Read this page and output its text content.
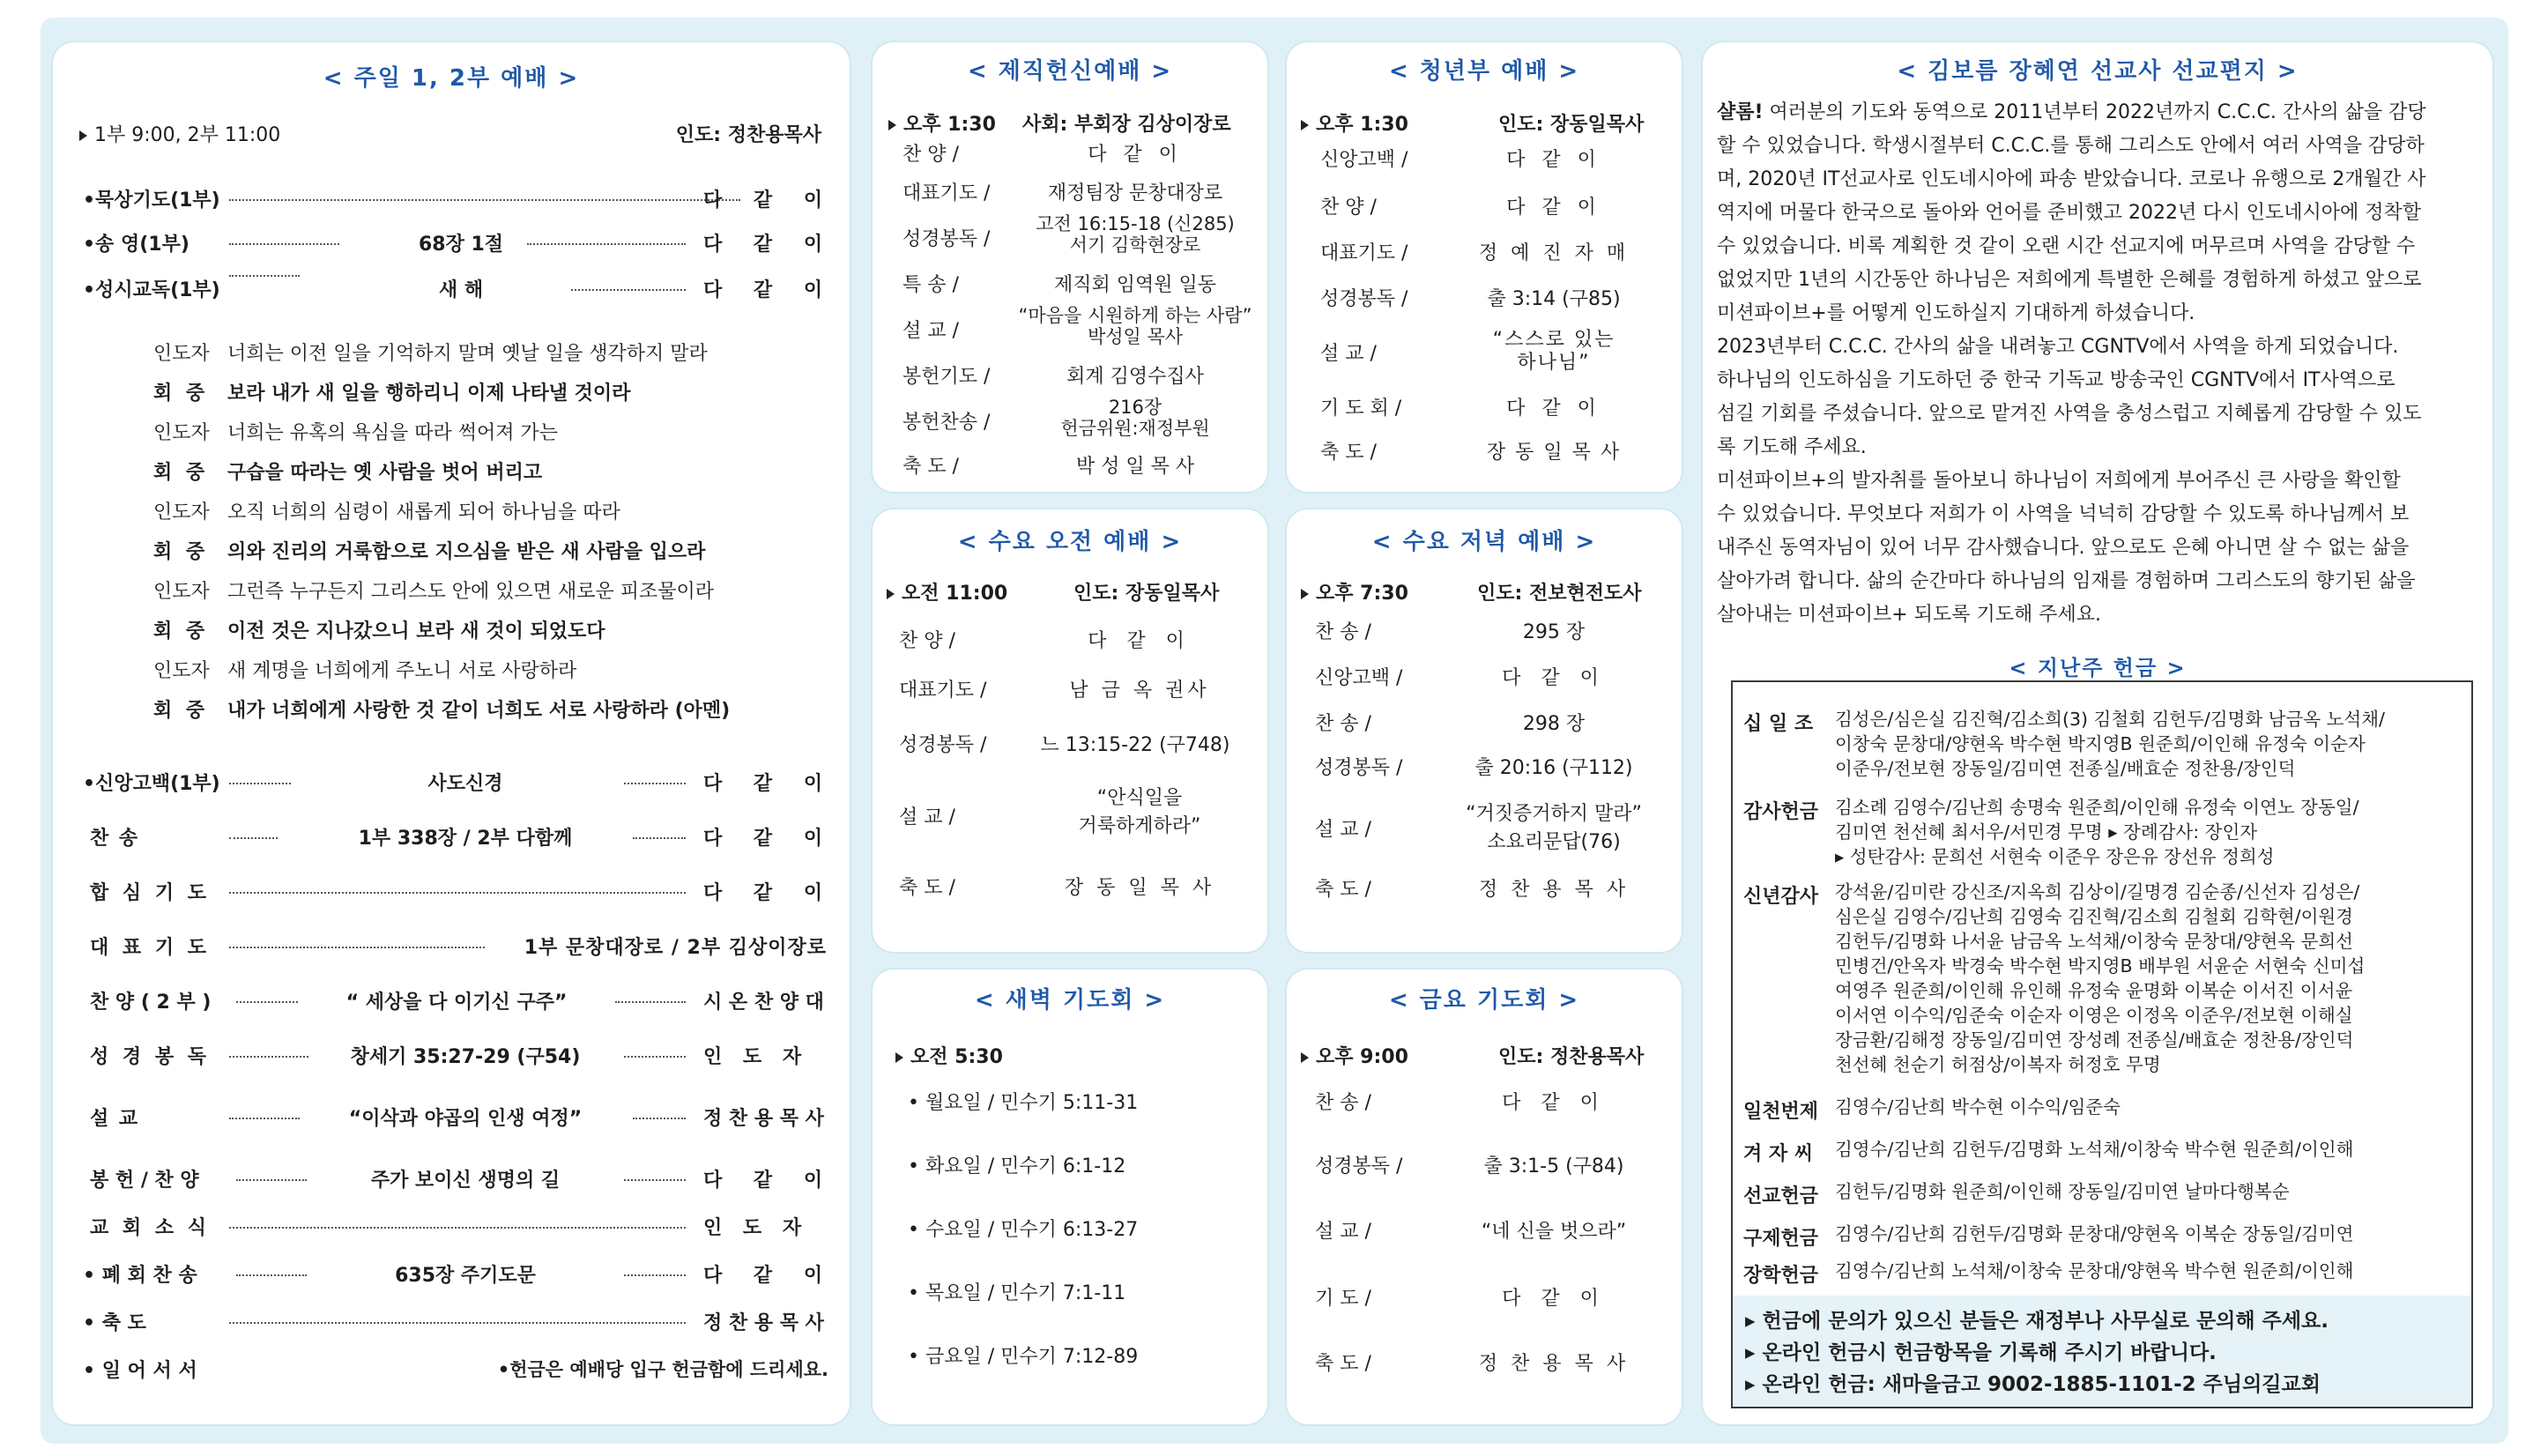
< 주일 1, 2부 예배 >
1부 9:00, 2부 11:00	인도: 정찬용목사
•묵상기도(1부)	다 같 이
•송 영(1부)	68장 1절	다 같 이
•성시교독(1부)	새 해	다 같 이
인도자 너희는 이전 일을 기억하지 말며 옛날 일을 생각하지 말라
회 중 보라 내가 새 일을 행하리니 이제 나타낼 것이라
인도자 너희는 유혹의 욕심을 따라 썩어져 가는
회 중 구습을 따라는 옛 사람을 벗어 버리고
인도자 오직 너희의 심령이 새롭게 되어 하나님을 따라
회 중 의와 진리의 거룩함으로 지으심을 받은 새 사람을 입으라
인도자 그런즉 누구든지 그리스도 안에 있으면 새로운 피조물이라
회 중 이전 것은 지나갔으니 보라 새 것이 되었도다
인도자 새 계명을 너희에게 주노니 서로 사랑하라
회 중 내가 너희에게 사랑한 것 같이 너희도 서로 사랑하라 (아멘)
•신앙고백(1부)	사도신경	다 같 이
찬 송	1부 338장 / 2부 다함께	다 같 이
합 심 기 도	다 같 이
대 표 기 도	1부 문창대장로 / 2부 김상이장로
찬 양 ( 2 부 )	“ 세상을 다 이기신 구주”	시 온 찬 양 대
성 경 봉 독	창세기 35:27-29 (구54)	인 도 자
설 교	“이삭과 야곱의 인생 여정”	정 찬 용 목 사
봉 헌 / 찬 양	주가 보이신 생명의 길	다 같 이
교 회 소 식	인 도 자
• 폐 회 찬 송	635장 주기도문	다 같 이
• 축 도	정 찬 용 목 사
• 일 어 서 서	•헌금은 예배당 입구 헌금함에 드리세요.
< 제직헌신예배 >
오후 1:30 사회: 부회장 김상이장로
찬 양 /	다 같 이
대표기도 /	재정팀장 문창대장로
성경봉독 /
고전 16:15-18 (신285)
서기 김학현장로
특 송 /	제직회 임역원 일동
설 교 /
“마음을 시원하게 하는 사람”
박성일 목사
봉헌기도 /	회계 김영수집사
봉헌찬송 /
216장
헌금위원:재정부원
축 도 /	박 성 일 목 사
< 청년부 예배 >
오후 1:30	인도: 장동일목사
신앙고백 /	다 같 이
찬 양 /	다 같 이
대표기도 /	정 예 진 자 매
성경봉독 /	출 3:14 (구85)
설 교 /
“스스로 있는
하나님”
기 도 회 /	다 같 이
축 도 /	장 동 일 목 사
< 수요 오전 예배 >
오전 11:00	인도: 장동일목사
찬 양 /	다 같 이
대표기도 /	남 금 옥 권사
성경봉독 /	느 13:15-22 (구748)
설 교 /
“안식일을
거룩하게하라”
축 도 /	장 동 일 목 사
< 수요 저녁 예배 >
오후 7:30	인도: 전보현전도사
찬 송 /	295 장
신앙고백 /	다 같 이
찬 송 /	298 장
성경봉독 /	출 20:16 (구112)
설 교 /
“거짓증거하지 말라”
소요리문답(76)
축 도 /	정 찬 용 목 사
< 새벽 기도회 >
오전 5:30
• 월요일 / 민수기 5:11-31
• 화요일 / 민수기 6:1-12
• 수요일 / 민수기 6:13-27
• 목요일 / 민수기 7:1-11
• 금요일 / 민수기 7:12-89
< 금요 기도회 >
오후 9:00	인도: 정찬용목사
찬 송 /	다 같 이
성경봉독 /	출 3:1-5 (구84)
설 교 /	“네 신을 벗으라”
기 도 /	다 같 이
축 도 /	정 찬 용 목 사
< 김보름 장혜연 선교사 선교편지 >
샬롬! 여러분의 기도와 동역으로 2011년부터 2022년까지 C.C.C. 간사의 삶을 감당
할 수 있었습니다. 학생시절부터 C.C.C.를 통해 그리스도 안에서 여러 사역을 감당하
며, 2020년 IT선교사로 인도네시아에 파송 받았습니다. 코로나 유행으로 2개월간 사
역지에 머물다 한국으로 돌아와 언어를 준비했고 2022년 다시 인도네시아에 정착할
수 있었습니다. 비록 계획한 것 같이 오랜 시간 선교지에 머무르며 사역을 감당할 수
없었지만 1년의 시간동안 하나님은 저희에게 특별한 은혜를 경험하게 하셨고 앞으로
미션파이브+를 어떻게 인도하실지 기대하게 하셨습니다.
2023년부터 C.C.C. 간사의 삶을 내려놓고 CGNTV에서 사역을 하게 되었습니다.
하나님의 인도하심을 기도하던 중 한국 기독교 방송국인 CGNTV에서 IT사역으로
섬길 기회를 주셨습니다. 앞으로 맡겨진 사역을 충성스럽고 지혜롭게 감당할 수 있도
록 기도해 주세요.
미션파이브+의 발자취를 돌아보니 하나님이 저희에게 부어주신 큰 사랑을 확인할
수 있었습니다. 무엇보다 저희가 이 사역을 넉넉히 감당할 수 있도록 하나님께서 보
내주신 동역자님이 있어 너무 감사했습니다. 앞으로도 은혜 아니면 살 수 없는 삶을
살아가려 합니다. 삶의 순간마다 하나님의 임재를 경험하며 그리스도의 향기된 삶을
살아내는 미션파이브+ 되도록 기도해 주세요.
< 지난주 헌금 >
십 일 조 김성은/심은실 김진혁/김소희(3) 김철회 김헌두/김명화 남금옥 노석채/
이창숙 문창대/양현옥 박수현 박지영B 원준희/이인해 유정숙 이순자
이준우/전보현 장동일/김미연 전종실/배효순 정찬용/장인덕
감사헌금 김소례 김영수/김난희 송명숙 원준희/이인해 유정숙 이연노 장동일/
김미연 천선혜 최서우/서민경 무명 ▸ 장례감사: 장인자
▸ 성탄감사: 문희선 서현숙 이준우 장은유 장선유 정희성
신년감사 강석윤/김미란 강신조/지옥희 김상이/길명경 김순종/신선자 김성은/
심은실 김영수/김난희 김영숙 김진혁/김소희 김철회 김학현/이원경
김헌두/김명화 나서윤 남금옥 노석채/이창숙 문창대/양현옥 문희선
민병건/안옥자 박경숙 박수현 박지영B 배부원 서윤순 서현숙 신미섭
여영주 원준희/이인해 유인해 유정숙 윤명화 이복순 이서진 이서윤
이서연 이수익/임준숙 이순자 이영은 이정옥 이준우/전보현 이해실
장금환/김해정 장동일/김미연 장성례 전종실/배효순 정찬용/장인덕
천선혜 천순기 허점상/이복자 허정호 무명
일천번제 김영수/김난희 박수현 이수익/임준숙
겨 자 씨 김영수/김난희 김헌두/김명화 노석채/이창숙 박수현 원준희/이인해
선교헌금 김헌두/김명화 원준희/이인해 장동일/김미연 날마다행복순
구제헌금 김영수/김난희 김헌두/김명화 문창대/양현옥 이복순 장동일/김미연
장학헌금 김영수/김난희 노석채/이창숙 문창대/양현옥 박수현 원준희/이인해
▸ 헌금에 문의가 있으신 분들은 재정부나 사무실로 문의해 주세요.
▸ 온라인 헌금시 헌금항목을 기록해 주시기 바랍니다.
▸ 온라인 헌금: 새마을금고 9002-1885-1101-2 주님의길교회
